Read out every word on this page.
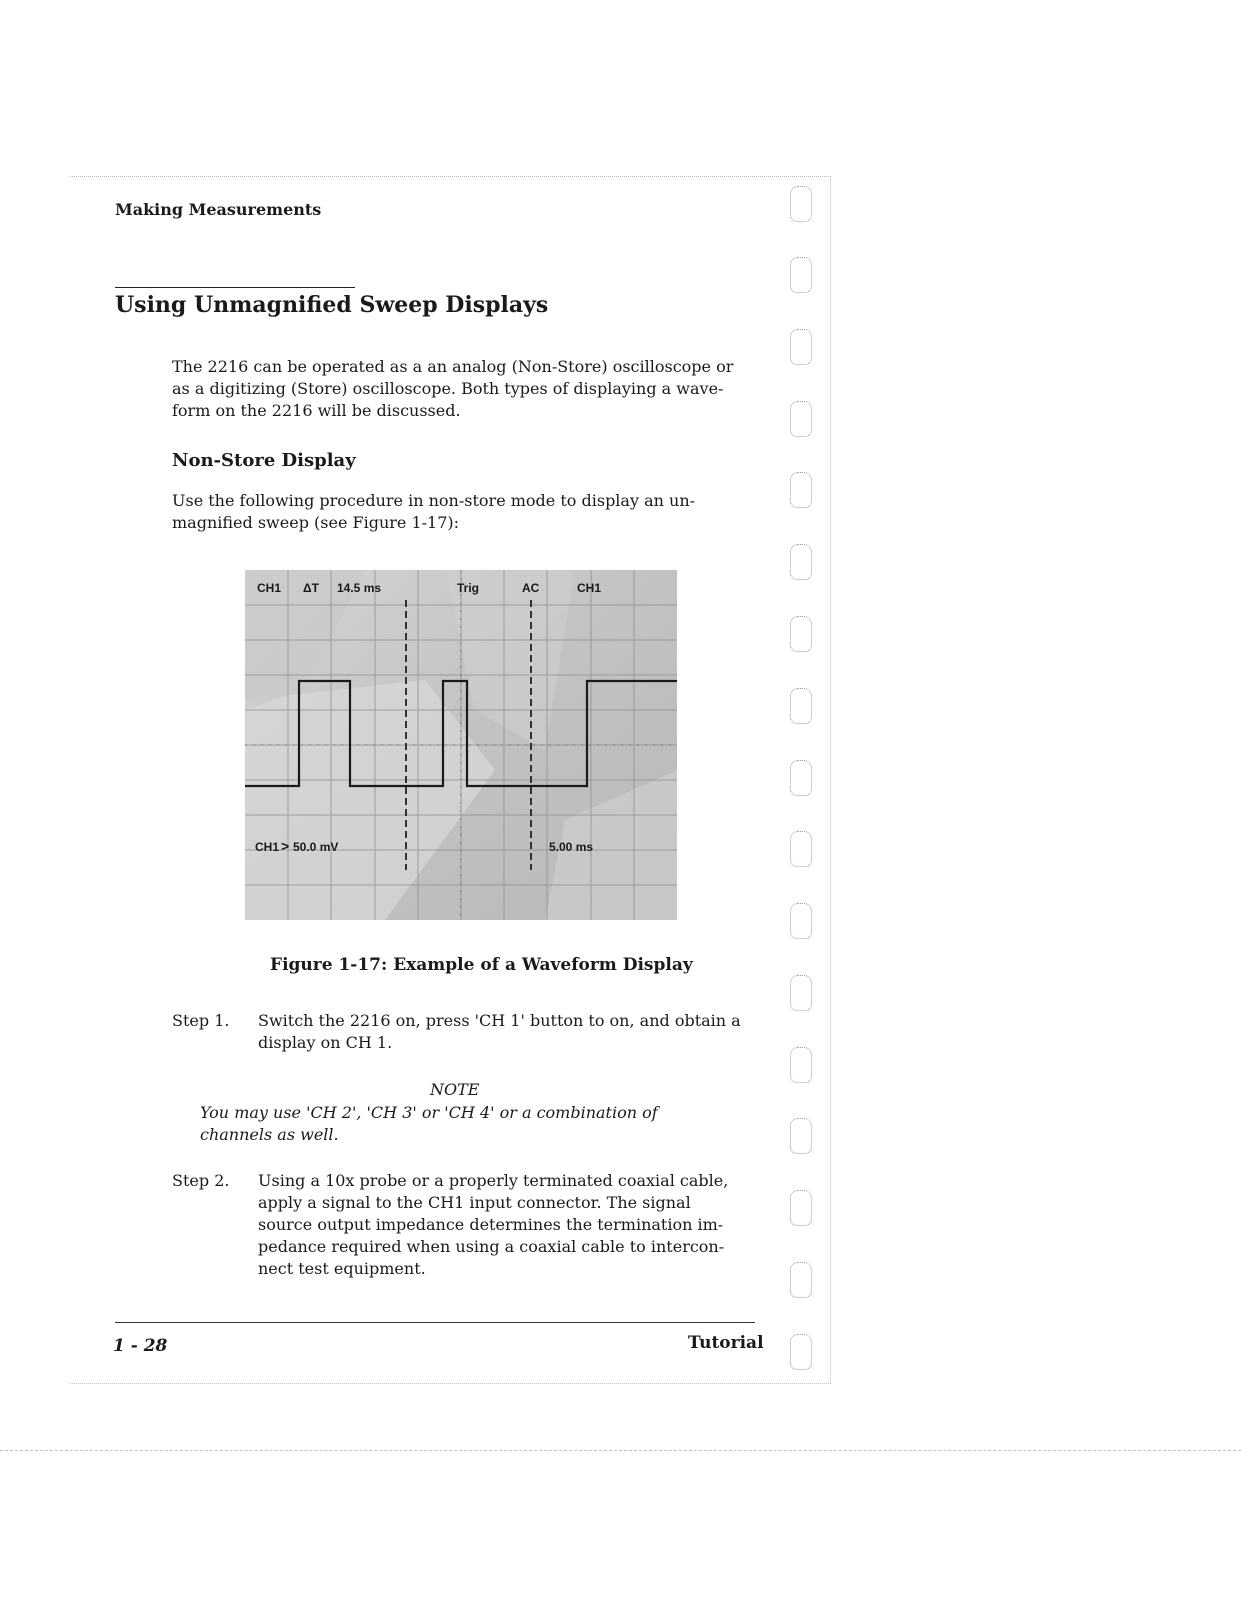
Making Measurements
Using Unmagnified Sweep Displays
The 2216 can be operated as a an analog (Non-Store) oscilloscope or
as a digitizing (Store) oscilloscope. Both types of displaying a wave-
form on the 2216 will be discussed.
Non-Store Display
Use the following procedure in non-store mode to display an un-
magnified sweep (see Figure 1-17):
CH1 ΔT 14.5 ms	Trig	AC	CH1
CH1 > 50.0 mV	5.00 ms
Figure 1-17: Example of a Waveform Display
Step 1.	Switch the 2216 on, press 'CH 1' button to on, and obtain a
display on CH 1.
NOTE
You may use 'CH 2', 'CH 3' or 'CH 4' or a combination of
channels as well.
Step 2.	Using a 10x probe or a properly terminated coaxial cable,
apply a signal to the CH1 input connector. The signal
source output impedance determines the termination im-
pedance required when using a coaxial cable to intercon-
nect test equipment.
1 - 28	Tutorial
